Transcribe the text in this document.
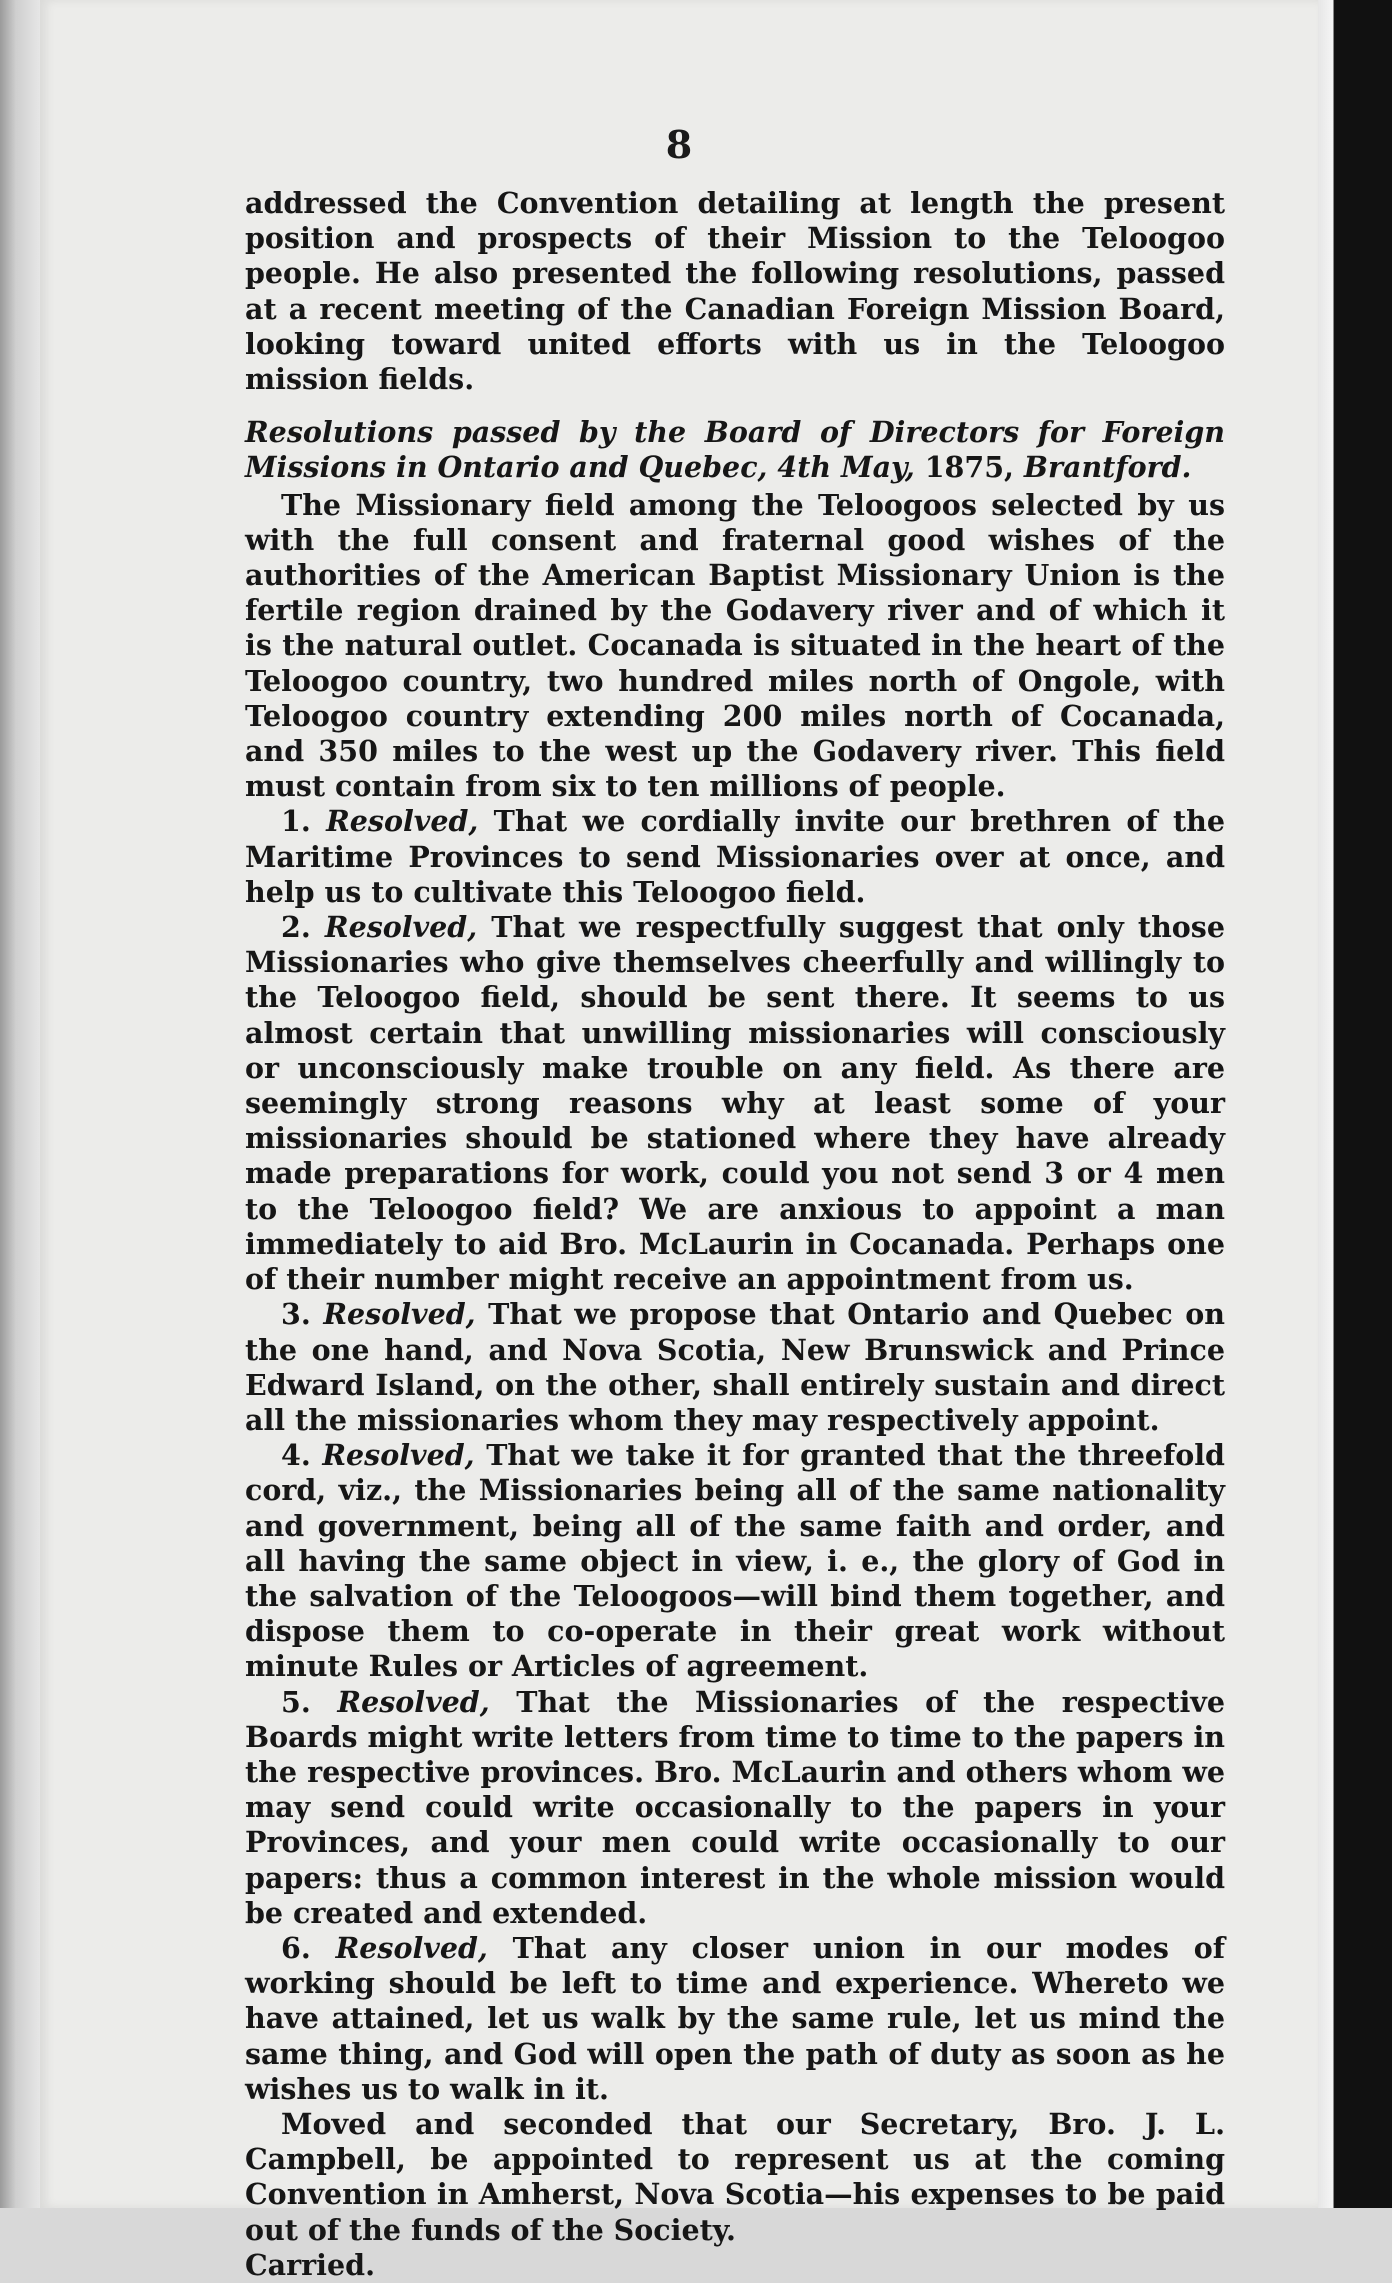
8

addressed the Convention detailing at length the present position and prospects of their Mission to the Teloogoo people. He also presented the following resolutions, passed at a recent meeting of the Canadian Foreign Mission Board, looking toward united efforts with us in the Teloogoo mission fields.

Resolutions passed by the Board of Directors for Foreign Missions in Ontario and Quebec, 4th May, 1875, Brantford.

The Missionary field among the Teloogoos selected by us with the full consent and fraternal good wishes of the authorities of the American Baptist Missionary Union is the fertile region drained by the Godavery river and of which it is the natural outlet. Cocanada is situated in the heart of the Teloogoo country, two hundred miles north of Ongole, with Teloogoo country extending 200 miles north of Cocanada, and 350 miles to the west up the Godavery river. This field must contain from six to ten millions of people.

1. Resolved, That we cordially invite our brethren of the Maritime Provinces to send Missionaries over at once, and help us to cultivate this Teloogoo field.

2. Resolved, That we respectfully suggest that only those Missionaries who give themselves cheerfully and willingly to the Teloogoo field, should be sent there. It seems to us almost certain that unwilling missionaries will consciously or unconsciously make trouble on any field. As there are seemingly strong reasons why at least some of your missionaries should be stationed where they have already made preparations for work, could you not send 3 or 4 men to the Teloogoo field? We are anxious to appoint a man immediately to aid Bro. McLaurin in Cocanada. Perhaps one of their number might receive an appointment from us.

3. Resolved, That we propose that Ontario and Quebec on the one hand, and Nova Scotia, New Brunswick and Prince Edward Island, on the other, shall entirely sustain and direct all the missionaries whom they may respectively appoint.

4. Resolved, That we take it for granted that the threefold cord, viz., the Missionaries being all of the same nationality and government, being all of the same faith and order, and all having the same object in view, i. e., the glory of God in the salvation of the Teloogoos—will bind them together, and dispose them to co-operate in their great work without minute Rules or Articles of agreement.

5. Resolved, That the Missionaries of the respective Boards might write letters from time to time to the papers in the respective provinces. Bro. McLaurin and others whom we may send could write occasionally to the papers in your Provinces, and your men could write occasionally to our papers: thus a common interest in the whole mission would be created and extended.

6. Resolved, That any closer union in our modes of working should be left to time and experience. Whereto we have attained, let us walk by the same rule, let us mind the same thing, and God will open the path of duty as soon as he wishes us to walk in it.

Moved and seconded that our Secretary, Bro. J. L. Campbell, be appointed to represent us at the coming Convention in Amherst, Nova Scotia—his expenses to be paid out of the funds of the Society.

Carried.
